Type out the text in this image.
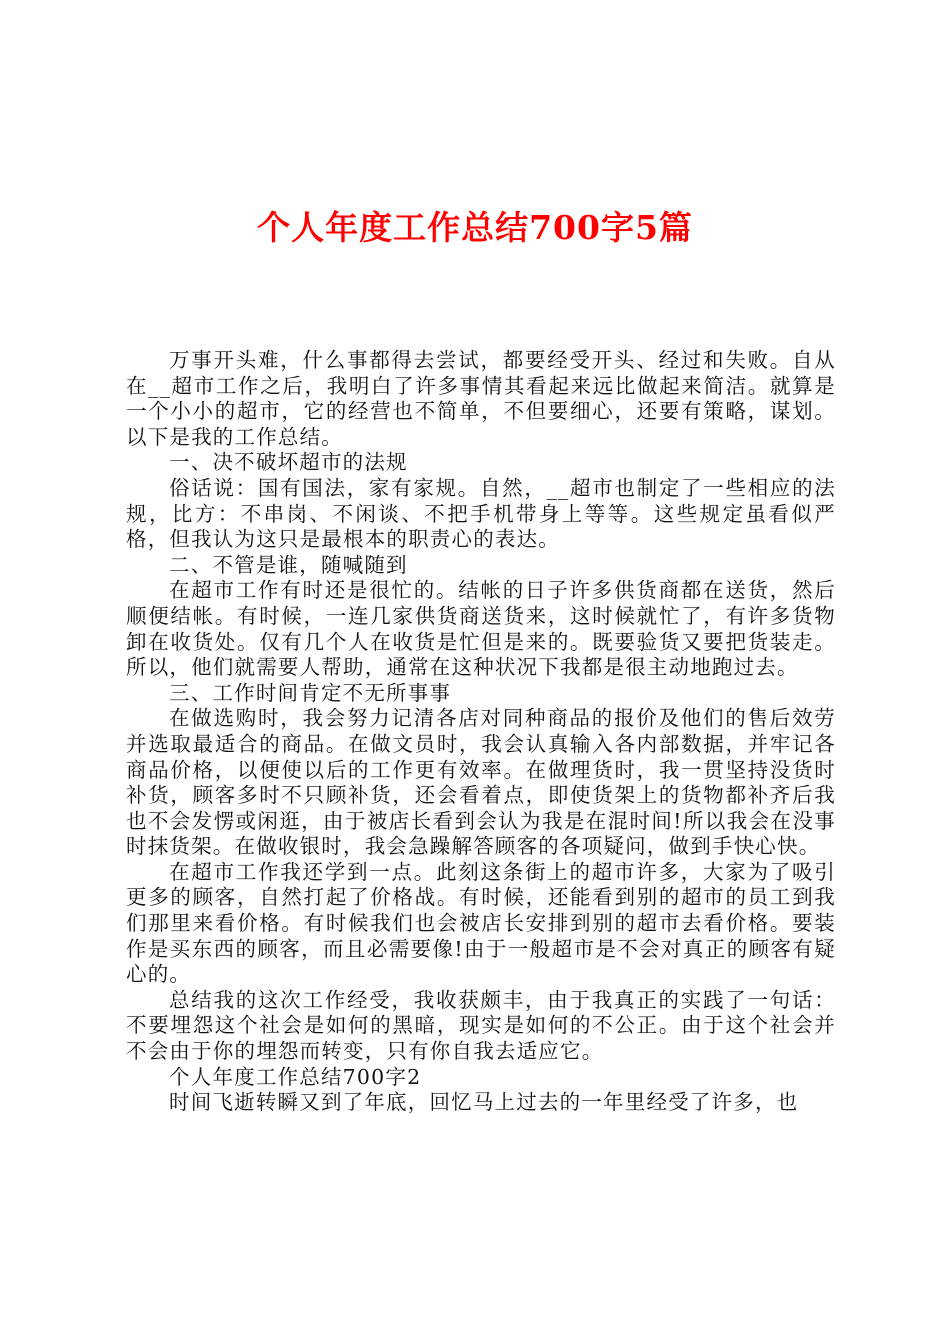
个人年度工作总结700字5篇

万事开头难，什么事都得去尝试，都要经受开头、经过和失败。自从在__超市工作之后，我明白了许多事情其看起来远比做起来简洁。就算是一个小小的超市，它的经营也不简单，不但要细心，还要有策略，谋划。以下是我的工作总结。

一、决不破坏超市的法规

俗话说：国有国法，家有家规。自然，__超市也制定了一些相应的法规，比方：不串岗、不闲谈、不把手机带身上等等。这些规定虽看似严格，但我认为这只是最根本的职责心的表达。

二、不管是谁，随喊随到

在超市工作有时还是很忙的。结帐的日子许多供货商都在送货，然后顺便结帐。有时候，一连几家供货商送货来，这时候就忙了，有许多货物卸在收货处。仅有几个人在收货是忙但是来的。既要验货又要把货装走。所以，他们就需要人帮助，通常在这种状况下我都是很主动地跑过去。

三、工作时间肯定不无所事事

在做选购时，我会努力记清各店对同种商品的报价及他们的售后效劳并选取最适合的商品。在做文员时，我会认真输入各内部数据，并牢记各商品价格，以便使以后的工作更有效率。在做理货时，我一贯坚持没货时补货，顾客多时不只顾补货，还会看着点，即使货架上的货物都补齐后我也不会发愣或闲逛，由于被店长看到会认为我是在混时间!所以我会在没事时抹货架。在做收银时，我会急躁解答顾客的各项疑问，做到手快心快。

在超市工作我还学到一点。此刻这条街上的超市许多，大家为了吸引更多的顾客，自然打起了价格战。有时候，还能看到别的超市的员工到我们那里来看价格。有时候我们也会被店长安排到别的超市去看价格。要装作是买东西的顾客，而且必需要像!由于一般超市是不会对真正的顾客有疑心的。

总结我的这次工作经受，我收获颇丰，由于我真正的实践了一句话：不要埋怨这个社会是如何的黑暗，现实是如何的不公正。由于这个社会并不会由于你的埋怨而转变，只有你自我去适应它。

个人年度工作总结700字2

时间飞逝转瞬又到了年底，回忆马上过去的一年里经受了许多，也
